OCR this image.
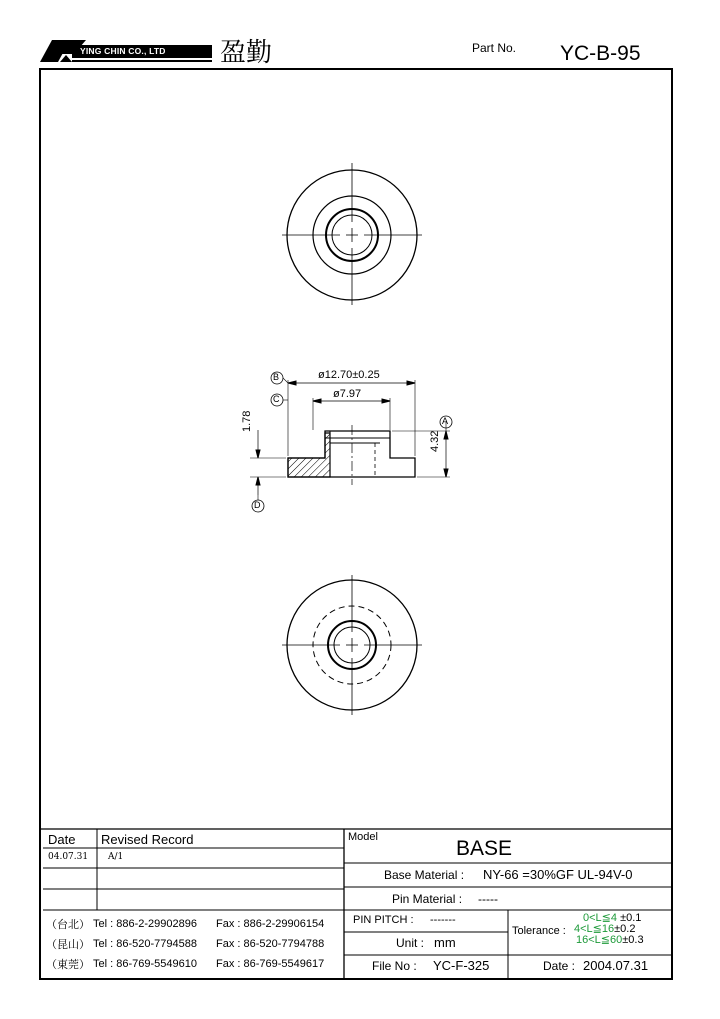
YING CHIN CO., LTD 盈勤	Part No. YC-B-95
B
C
A
D
ø12.70±0.25
ø7.97
4.32
1.78
Date Revised Record
04.07.31 A/1
（台北） Tel : 886-2-29902896 Fax : 886-2-29906154
（昆山） Tel : 86-520-7794588 Fax : 86-520-7794788
（東莞） Tel : 86-769-5549610 Fax : 86-769-5549617
Model	BASE
Base Material : NY-66 =30%GF UL-94V-0
Pin Material : -----
PIN PITCH : -------
Unit : mm
File No : YC-F-325
Tolerance :
0<L≦4 ±0.1
4<L≦16±0.2
16<L≦60±0.3
Date : 2004.07.31
